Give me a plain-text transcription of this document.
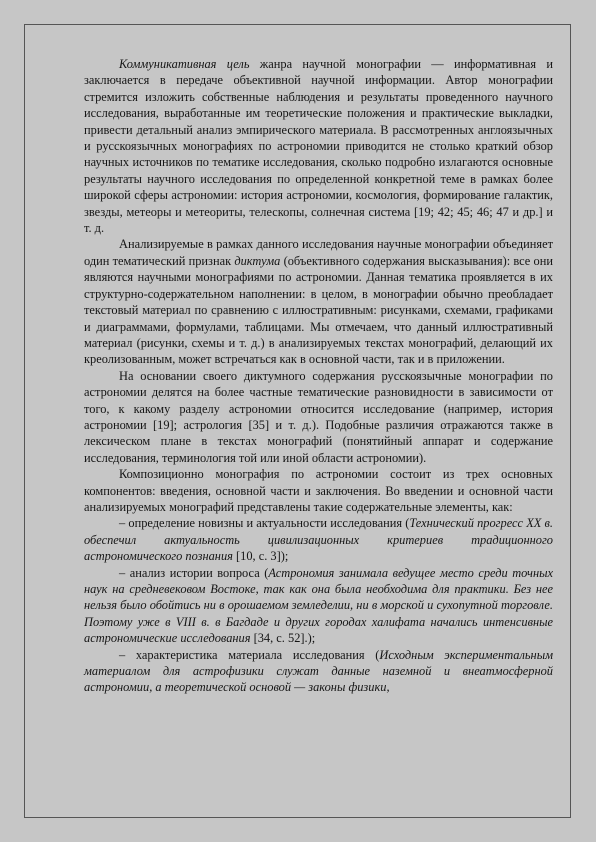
Коммуникативная цель жанра научной монографии — информативная и заключается в передаче объективной научной информации. Автор монографии стремится изложить собственные наблюдения и результаты проведенного научного исследования, выработанные им теоретические положения и практические выкладки, привести детальный анализ эмпирического материала. В рассмотренных англоязычных и русскоязычных монографиях по астрономии приводится не столько краткий обзор научных источников по тематике исследования, сколько подробно излагаются основные результаты научного исследования по определенной конкретной теме в рамках более широкой сферы астрономии: история астрономии, космология, формирование галактик, звезды, метеоры и метеориты, телескопы, солнечная система [19; 42; 45; 46; 47 и др.] и т. д.

Анализируемые в рамках данного исследования научные монографии объединяет один тематический признак диктума (объективного содержания высказывания): все они являются научными монографиями по астрономии. Данная тематика проявляется в их структурно-содержательном наполнении: в целом, в монографии обычно преобладает текстовый материал по сравнению с иллюстративным: рисунками, схемами, графиками и диаграммами, формулами, таблицами. Мы отмечаем, что данный иллюстративный материал (рисунки, схемы и т. д.) в анализируемых текстах монографий, делающий их креолизованным, может встречаться как в основной части, так и в приложении.

На основании своего диктумного содержания русскоязычные монографии по астрономии делятся на более частные тематические разновидности в зависимости от того, к какому разделу астрономии относится исследование (например, история астрономии [19]; астрология [35] и т. д.). Подобные различия отражаются также в лексическом плане в текстах монографий (понятийный аппарат и содержание исследования, терминология той или иной области астрономии).

Композиционно монография по астрономии состоит из трех основных компонентов: введения, основной части и заключения. Во введении и основной части анализируемых монографий представлены такие содержательные элементы, как:

– определение новизны и актуальности исследования (Технический прогресс XX в. обеспечил актуальность цивилизационных критериев традиционного астрономического познания [10, с. 3]);

– анализ истории вопроса (Астрономия занимала ведущее место среди точных наук на средневековом Востоке, так как она была необходима для практики. Без нее нельзя было обойтись ни в орошаемом земледелии, ни в морской и сухопутной торговле. Поэтому уже в VIII в. в Багдаде и других городах халифата начались интенсивные астрономические исследования [34, с. 52].);

– характеристика материала исследования (Исходным экспериментальным материалом для астрофизики служат данные наземной и внеатмосферной астрономии, а теоретической основой — законы физики,
